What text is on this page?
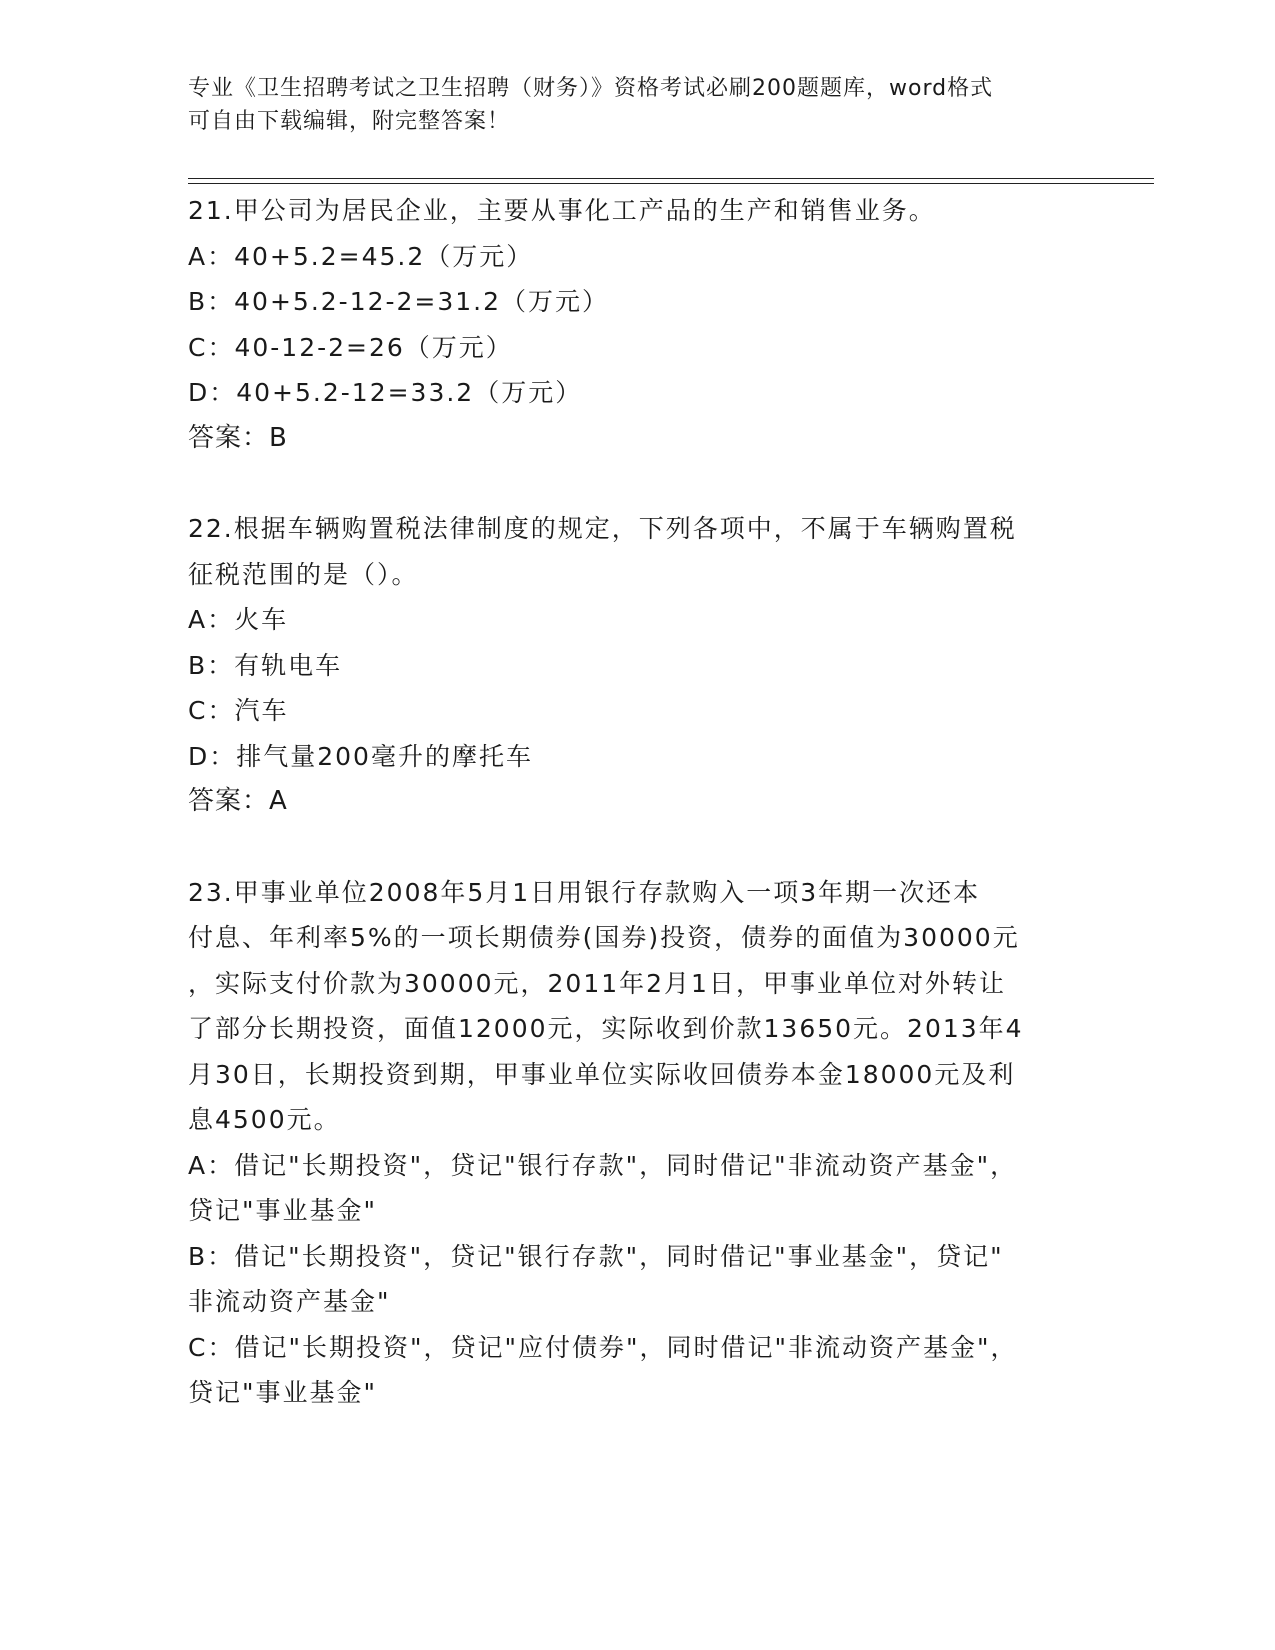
专业《卫生招聘考试之卫生招聘（财务）》资格考试必刷200题题库，word格式
可自由下载编辑，附完整答案！

21.甲公司为居民企业，主要从事化工产品的生产和销售业务。

A：40+5.2=45.2（万元）

B：40+5.2-12-2=31.2（万元）

C：40-12-2=26（万元）

D：40+5.2-12=33.2（万元）

答案：B

22.根据车辆购置税法律制度的规定，下列各项中，不属于车辆购置税

征税范围的是（）。

A：火车

B：有轨电车

C：汽车

D：排气量200毫升的摩托车

答案：A

23.甲事业单位2008年5月1日用银行存款购入一项3年期一次还本

付息、年利率5%的一项长期债券(国券)投资，债券的面值为30000元

，实际支付价款为30000元，2011年2月1日，甲事业单位对外转让

了部分长期投资，面值12000元，实际收到价款13650元。2013年4

月30日，长期投资到期，甲事业单位实际收回债券本金18000元及利

息4500元。

A：借记"长期投资"，贷记"银行存款"，同时借记"非流动资产基金"，

贷记"事业基金"

B：借记"长期投资"，贷记"银行存款"，同时借记"事业基金"，贷记"

非流动资产基金"

C：借记"长期投资"，贷记"应付债券"，同时借记"非流动资产基金"，

贷记"事业基金"
